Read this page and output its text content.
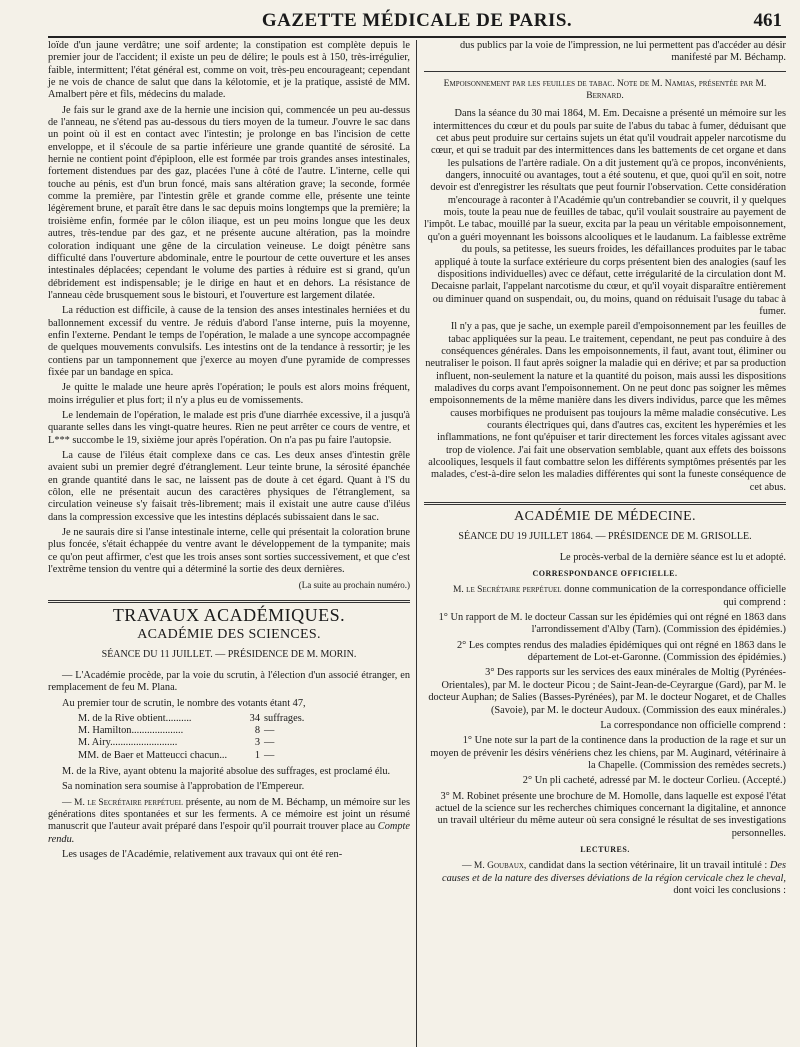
GAZETTE MÉDICALE DE PARIS.	461

loïde d'un jaune verdâtre; une soif ardente; la constipation est complète depuis le premier jour de l'accident; il existe un peu de délire; le pouls est à 150, très-irrégulier, faible, intermittent; l'état général est, comme on voit, très-peu encourageant; cependant je ne vois de chance de salut que dans la kélotomie, et je la pratique, assisté de MM. Amalbert père et fils, médecins du malade.

Je fais sur le grand axe de la hernie une incision qui, commencée un peu au-dessus de l'anneau, ne s'étend pas au-dessous du tiers moyen de la tumeur. J'ouvre le sac dans un point où il est en contact avec l'intestin; je prolonge en bas l'incision de cette enveloppe, et il s'écoule de sa partie inférieure une grande quantité de sérosité. La hernie ne contient point d'épiploon, elle est formée par trois grandes anses intestinales, fortement distendues par des gaz, placées l'une à côté de l'autre. L'interne, celle qui touche au pénis, est d'un brun foncé, mais sans altération grave; la seconde, formée comme la première, par l'intestin grêle et grande comme elle, présente une teinte légèrement brune, et paraît être dans le sac depuis moins longtemps que la première; la troisième enfin, formée par le côlon iliaque, est un peu moins longue que les deux autres, très-tendue par des gaz, et ne présente aucune altération, pas la moindre coloration indiquant une gêne de la circulation veineuse. Le doigt pénètre sans difficulté dans l'ouverture abdominale, entre le pourtour de cette ouverture et les anses intestinales déplacées; cependant le volume des parties à réduire est si grand, qu'un débridement est indispensable; je le dirige en haut et en dehors. La résistance de l'anneau cède brusquement sous le bistouri, et l'ouverture est largement dilatée.

La réduction est difficile, à cause de la tension des anses intestinales herniées et du ballonnement excessif du ventre. Je réduis d'abord l'anse interne, puis la moyenne, enfin l'externe. Pendant le temps de l'opération, le malade a une syncope accompagnée de quelques mouvements convulsifs. Les intestins ont de la tendance à ressortir; je les contiens par un tamponnement que j'exerce au moyen d'une pyramide de compresses fixée par un bandage en spica.

Je quitte le malade une heure après l'opération; le pouls est alors moins fréquent, moins irrégulier et plus fort; il n'y a plus eu de vomissements.

Le lendemain de l'opération, le malade est pris d'une diarrhée excessive, il a jusqu'à quarante selles dans les vingt-quatre heures. Rien ne peut arrêter ce cours de ventre, et L*** succombe le 19, sixième jour après l'opération. On n'a pas pu faire l'autopsie.

La cause de l'iléus était complexe dans ce cas. Les deux anses d'intestin grêle avaient subi un premier degré d'étranglement. Leur teinte brune, la sérosité épanchée en grande quantité dans le sac, ne laissent pas de doute à cet égard. Quant à l'S du côlon, elle ne présentait aucun des caractères physiques de l'étranglement, sa circulation veineuse s'y faisait très-librement; mais il existait une autre cause d'iléus dans la compression excessive que les intestins déplacés subissaient dans le sac.

Je ne saurais dire si l'anse intestinale interne, celle qui présentait la coloration brune plus foncée, s'était échappée du ventre avant le développement de la tympanite; mais ce qu'on peut affirmer, c'est que les trois anses sont sorties successivement, et que c'est l'extrême tension du ventre qui a déterminé la sortie des deux dernières.

(La suite au prochain numéro.)
TRAVAUX ACADÉMIQUES.
ACADÉMIE DES SCIENCES.
SÉANCE DU 11 JUILLET. — PRÉSIDENCE DE M. MORIN.

— L'Académie procède, par la voie du scrutin, à l'élection d'un associé étranger, en remplacement de feu M. Plana.

Au premier tour de scrutin, le nombre des votants étant 47,

M. de la Rive obtient..........	34 suffrages.
M. Hamilton....................	8 —
M. Airy..........................	3 —
MM. de Baer et Matteucci chacun...	1 —

M. de la Rive, ayant obtenu la majorité absolue des suffrages, est proclamé élu.

Sa nomination sera soumise à l'approbation de l'Empereur.

— M. le Secrétaire perpétuel présente, au nom de M. Béchamp, un mémoire sur les générations dites spontanées et sur les ferments. A ce mémoire est joint un résumé manuscrit que l'auteur avait préparé dans l'espoir qu'il pourrait trouver place au Compte rendu.

Les usages de l'Académie, relativement aux travaux qui ont été ren-

dus publics par la voie de l'impression, ne lui permettent pas d'accéder au désir manifesté par M. Béchamp.

Empoisonnement par les feuilles de tabac. Note de M. Namias, présentée par M. Bernard.

Dans la séance du 30 mai 1864, M. Em. Decaisne a présenté un mémoire sur les intermittences du cœur et du pouls par suite de l'abus du tabac à fumer, déduisant que cet abus peut produire sur certains sujets un état qu'il voudrait appeler narcotisme du cœur, et qui se traduit par des intermittences dans les battements de cet organe et dans les pulsations de l'artère radiale. On a dit justement qu'à ce propos, inconvénients, dangers, innocuité ou avantages, tout a été soutenu, et que, quoi qu'il en soit, notre devoir est d'enregistrer les résultats que peut fournir l'observation. Cette considération m'encourage à raconter à l'Académie qu'un contrebandier se couvrit, il y quelques mois, toute la peau nue de feuilles de tabac, qu'il voulait soustraire au payement de l'impôt. Le tabac, mouillé par la sueur, excita par la peau un véritable empoisonnement, qu'on a guéri moyennant les boissons alcooliques et le laudanum. La faiblesse extrême du pouls, sa petitesse, les sueurs froides, les défaillances produites par le tabac appliqué à toute la surface extérieure du corps présentent bien des analogies (sauf les dispositions individuelles) avec ce défaut, cette irrégularité de la circulation dont M. Decaisne parlait, l'appelant narcotisme du cœur, et qu'il voyait disparaître entièrement ou diminuer quand on suspendait, ou, du moins, quand on réduisait l'usage du tabac à fumer.

Il n'y a pas, que je sache, un exemple pareil d'empoisonnement par les feuilles de tabac appliquées sur la peau. Le traitement, cependant, ne peut pas conduire à des conséquences générales. Dans les empoisonnements, il faut, avant tout, éliminer ou neutraliser le poison. Il faut après soigner la maladie qui en dérive; et par sa production influent, non-seulement la nature et la quantité du poison, mais aussi les dispositions maladives du corps avant l'empoisonnement. On ne peut donc pas soigner les mêmes empoisonnements de la même manière dans les divers individus, parce que les mêmes causes morbifiques ne produisent pas toujours la même maladie consécutive. Les courants électriques qui, dans d'autres cas, excitent les hyperémies et les inflammations, ne font qu'épuiser et tarir directement les forces vitales agissant avec trop de violence. J'ai fait une observation semblable, quant aux effets des boissons alcooliques, lesquels il faut combattre selon les différents symptômes présentés par les malades, c'est-à-dire selon les maladies différentes qui sont la funeste conséquence de cet abus.

ACADÉMIE DE MÉDECINE.
SÉANCE DU 19 JUILLET 1864. — PRÉSIDENCE DE M. GRISOLLE.

Le procès-verbal de la dernière séance est lu et adopté.

CORRESPONDANCE OFFICIELLE.

M. le Secrétaire perpétuel donne communication de la correspondance officielle qui comprend :

1° Un rapport de M. le docteur Cassan sur les épidémies qui ont régné en 1863 dans l'arrondissement d'Alby (Tarn). (Commission des épidémies.)

2° Les comptes rendus des maladies épidémiques qui ont régné en 1863 dans le département de Lot-et-Garonne. (Commission des épidémies.)

3° Des rapports sur les services des eaux minérales de Moltig (Pyrénées-Orientales), par M. le docteur Picou ; de Saint-Jean-de-Ceyrargue (Gard), par M. le docteur Auphan; de Salies (Basses-Pyrénées), par M. le docteur Nogaret, et de Challes (Savoie), par M. le docteur Audoux. (Commission des eaux minérales.)

La correspondance non officielle comprend :

1° Une note sur la part de la continence dans la production de la rage et sur un moyen de prévenir les désirs vénériens chez les chiens, par M. Auginard, vétérinaire à la Chapelle. (Commission des remèdes secrets.)

2° Un pli cacheté, adressé par M. le docteur Corlieu. (Accepté.)

3° M. Robinet présente une brochure de M. Homolle, dans laquelle est exposé l'état actuel de la science sur les recherches chimiques concernant la digitaline, et annonce un travail ultérieur du même auteur où sera consigné le résultat de ses investigations personnelles.

LECTURES.

— M. Goubaux, candidat dans la section vétérinaire, lit un travail intitulé : Des causes et de la nature des diverses déviations de la région cervicale chez le cheval, dont voici les conclusions :
